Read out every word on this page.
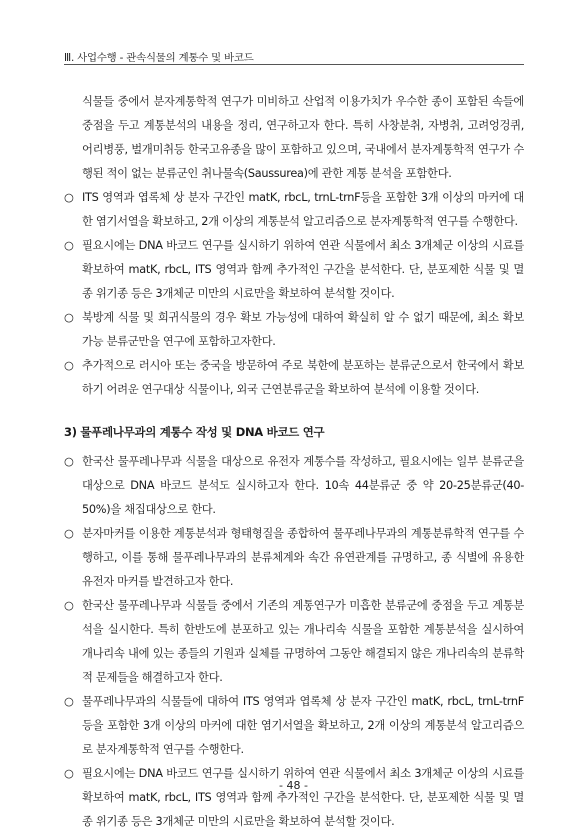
Ⅲ. 사업수행 - 관속식물의 계통수 및 바코드

식물들 중에서 분자계통학적 연구가 미비하고 산업적 이용가치가 우수한 종이 포함된 속들에 중점을 두고 계통분석의 내용을 정리, 연구하고자 한다. 특히 사창분취, 자병취, 고려엉겅퀴, 어리병풍, 벌개미취등 한국고유종을 많이 포함하고 있으며, 국내에서 분자계통학적 연구가 수행된 적이 없는 분류군인 취나물속(Saussurea)에 관한 계통 분석을 포함한다.

○ ITS 영역과 엽록체 상 분자 구간인 matK, rbcL, trnL-trnF등을 포함한 3개 이상의 마커에 대한 염기서열을 확보하고, 2개 이상의 계통분석 알고리즘으로 분자계통학적 연구를 수행한다.
○ 필요시에는 DNA 바코드 연구를 실시하기 위하여 연관 식물에서 최소 3개체군 이상의 시료를 확보하여 matK, rbcL, ITS 영역과 함께 추가적인 구간을 분석한다. 단, 분포제한 식물 및 멸종 위기종 등은 3개체군 미만의 시료만을 확보하여 분석할 것이다.
○ 북방계 식물 및 희귀식물의 경우 확보 가능성에 대하여 확실히 알 수 없기 때문에, 최소 확보가능 분류군만을 연구에 포함하고자한다.
○ 추가적으로 러시아 또는 중국을 방문하여 주로 북한에 분포하는 분류군으로서 한국에서 확보하기 어려운 연구대상 식물이나, 외국 근연분류군을 확보하여 분석에 이용할 것이다.
3) 물푸레나무과의 계통수 작성 및 DNA 바코드 연구
○ 한국산 물푸레나무과 식물을 대상으로 유전자 계통수를 작성하고, 필요시에는 일부 분류군을 대상으로 DNA 바코드 분석도 실시하고자 한다. 10속 44분류군 중 약 20-25분류군(40-50%)을 채집대상으로 한다.
○ 분자마커를 이용한 계통분석과 형태형질을 종합하여 물푸레나무과의 계통분류학적 연구를 수행하고, 이를 통해 물푸레나무과의 분류체계와 속간 유연관계를 규명하고, 종 식별에 유용한 유전자 마커를 발견하고자 한다.
○ 한국산 물푸레나무과 식물들 중에서 기존의 계통연구가 미흡한 분류군에 중점을 두고 계통분석을 실시한다. 특히 한반도에 분포하고 있는 개나리속 식물을 포함한 계통분석을 실시하여 개나리속 내에 있는 종들의 기원과 실체를 규명하여 그동안 해결되지 않은 개나리속의 분류학적 문제들을 해결하고자 한다.
○ 물푸레나무과의 식물들에 대하여 ITS 영역과 엽록체 상 분자 구간인 matK, rbcL, trnL-trnF등을 포함한 3개 이상의 마커에 대한 염기서열을 확보하고, 2개 이상의 계통분석 알고리즘으로 분자계통학적 연구를 수행한다.
○ 필요시에는 DNA 바코드 연구를 실시하기 위하여 연관 식물에서 최소 3개체군 이상의 시료를 확보하여 matK, rbcL, ITS 영역과 함께 추가적인 구간을 분석한다. 단, 분포제한 식물 및 멸종 위기종 등은 3개체군 미만의 시료만을 확보하여 분석할 것이다.
- 48 -
